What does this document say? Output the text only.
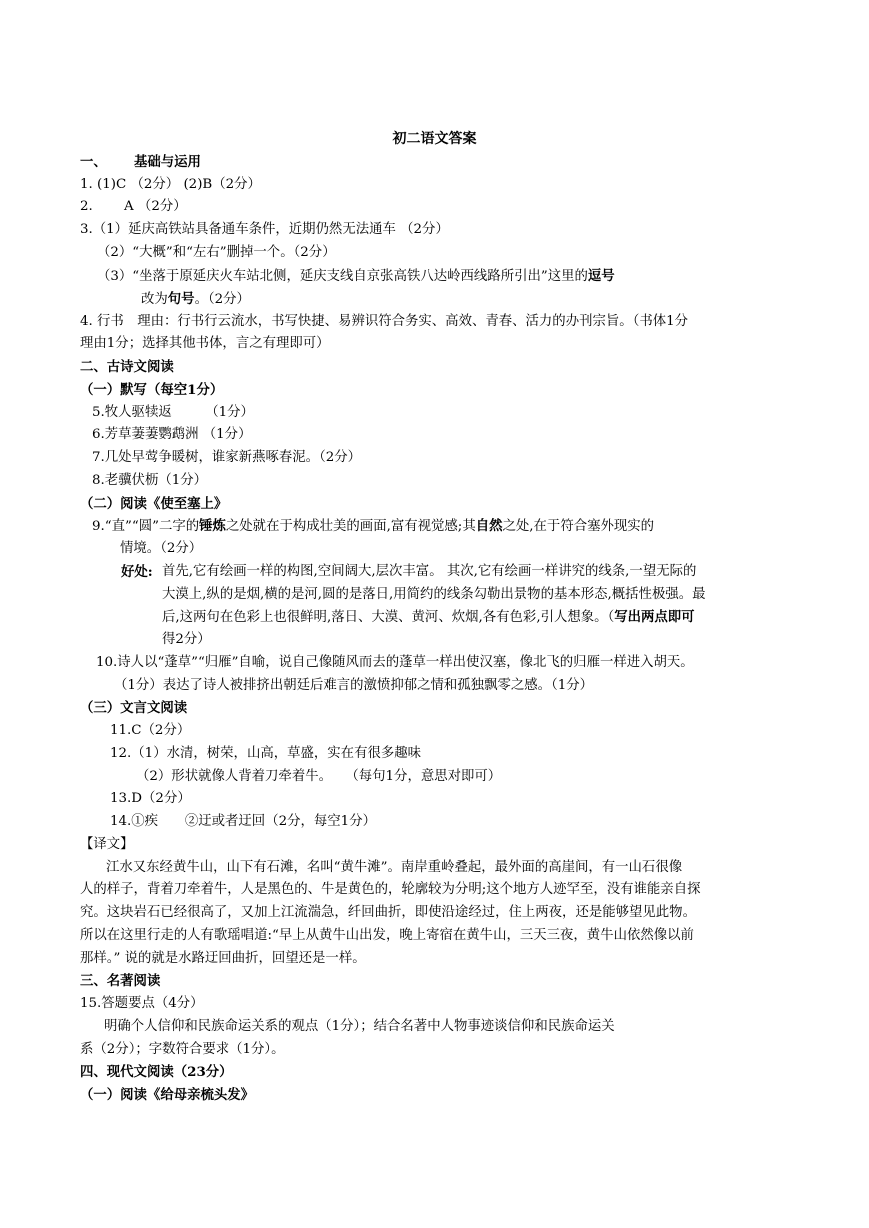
初二语文答案
一、 基础与运用
1. (1)C （2分） (2)B（2分）
2. A （2分）
3.（1）延庆高铁站具备通车条件，近期仍然无法通车 （2分）
（2）“大概”和“左右”删掉一个。（2分）
（3）“坐落于原延庆火车站北侧，延庆支线自京张高铁八达岭西线路所引出”这里的逗号
改为句号。（2分）
4. 行书　理由：行书行云流水，书写快捷、易辨识符合务实、高效、青春、活力的办刊宗旨。（书体1分
理由1分；选择其他书体，言之有理即可）
二、古诗文阅读
（一）默写（每空1分）
5.牧人驱犊返　　　（1分）
6.芳草萋萋鹦鹉洲 （1分）
7.几处早莺争暖树，谁家新燕啄春泥。（2分）
8.老骥伏枥（1分）
（二）阅读《使至塞上》
9.“直”“圆”二字的锤炼之处就在于构成壮美的画面,富有视觉感;其自然之处,在于符合塞外现实的
情境。（2分）
好处: 首先,它有绘画一样的构图,空间阔大,层次丰富。 其次,它有绘画一样讲究的线条,一望无际的
大漠上,纵的是烟,横的是河,圆的是落日,用简约的线条勾勒出景物的基本形态,概括性极强。最
后,这两句在色彩上也很鲜明,落日、大漠、黄河、炊烟,各有色彩,引人想象。（写出两点即可
得2分）
10.诗人以“蓬草”“归雁”自喻，说自己像随风而去的蓬草一样出使汉塞，像北飞的归雁一样进入胡天。
（1分）表达了诗人被排挤出朝廷后难言的激愤抑郁之情和孤独飘零之感。（1分）
（三）文言文阅读
11.C（2分）
12.（1）水清，树荣，山高，草盛，实在有很多趣味
（2）形状就像人背着刀牵着牛。　　（每句1分，意思对即可）
13.D（2分）
14.①疾　　②迂或者迂回（2分，每空1分）
【译文】
江水又东经黄牛山，山下有石滩，名叫“黄牛滩”。南岸重岭叠起，最外面的高崖间，有一山石很像
人的样子，背着刀牵着牛，人是黑色的、牛是黄色的，轮廓较为分明;这个地方人迹罕至，没有谁能亲自探
究。这块岩石已经很高了，又加上江流湍急，纤回曲折，即使沿途经过，住上两夜，还是能够望见此物。
所以在这里行走的人有歌瑶唱道:“早上从黄牛山出发，晚上寄宿在黄牛山，三天三夜，黄牛山依然像以前
那样。” 说的就是水路迂回曲折，回望还是一样。
三、名著阅读
15.答题要点（4分）
明确个人信仰和民族命运关系的观点（1分）；结合名著中人物事迹谈信仰和民族命运关
系（2分）；字数符合要求（1分）。
四、现代文阅读（23分）
（一）阅读《给母亲梳头发》
